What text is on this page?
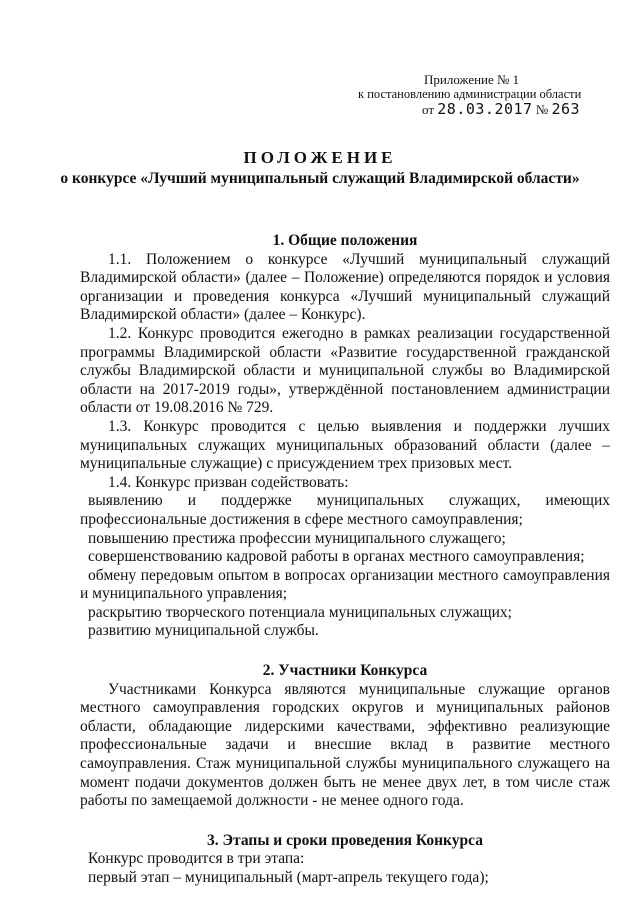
Приложение № 1
к постановлению администрации области
от 28.03.2017 № 263
ПОЛОЖЕНИЕ
о конкурсе «Лучший муниципальный служащий Владимирской области»
1. Общие положения

1.1. Положением о конкурсе «Лучший муниципальный служащий Владимирской области» (далее – Положение) определяются порядок и условия организации и проведения конкурса «Лучший муниципальный служащий Владимирской области» (далее – Конкурс).

1.2. Конкурс проводится ежегодно в рамках реализации государственной программы Владимирской области «Развитие государственной гражданской службы Владимирской области и муниципальной службы во Владимирской области на 2017-2019 годы», утверждённой постановлением администрации области от 19.08.2016 № 729.

1.3. Конкурс проводится с целью выявления и поддержки лучших муниципальных служащих муниципальных образований области (далее – муниципальные служащие) с присуждением трех призовых мест.

1.4. Конкурс призван содействовать:

выявлению и поддержке муниципальных служащих, имеющих профессиональные достижения в сфере местного самоуправления;

повышению престижа профессии муниципального служащего;

совершенствованию кадровой работы в органах местного самоуправления;

обмену передовым опытом в вопросах организации местного самоуправления и муниципального управления;

раскрытию творческого потенциала муниципальных служащих;

развитию муниципальной службы.

2. Участники Конкурса

Участниками Конкурса являются муниципальные служащие органов местного самоуправления городских округов и муниципальных районов области, обладающие лидерскими качествами, эффективно реализующие профессиональные задачи и внесшие вклад в развитие местного самоуправления. Стаж муниципальной службы муниципального служащего на момент подачи документов должен быть не менее двух лет, в том числе стаж работы по замещаемой должности - не менее одного года.

3. Этапы и сроки проведения Конкурса

Конкурс проводится в три этапа:

первый этап – муниципальный (март-апрель текущего года);
